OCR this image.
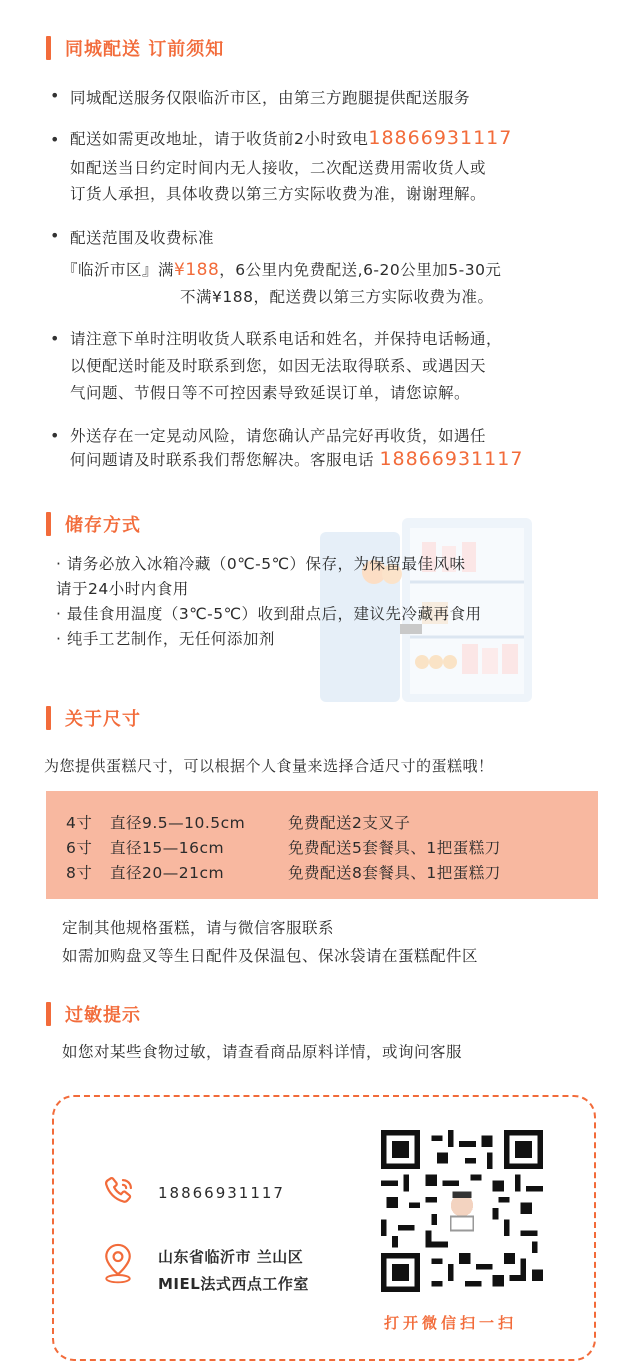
同城配送 订前须知
• 同城配送服务仅限临沂市区，由第三方跑腿提供配送服务
• 配送如需更改地址，请于收货前2小时致电18866931117
如配送当日约定时间内无人接收，二次配送费用需收货人或
订货人承担，具体收费以第三方实际收费为准，谢谢理解。
• 配送范围及收费标准
『临沂市区』满¥188，6公里内免费配送,6-20公里加5-30元
不满¥188，配送费以第三方实际收费为准。
• 请注意下单时注明收货人联系电话和姓名，并保持电话畅通，
以便配送时能及时联系到您，如因无法取得联系、或遇因天
气问题、节假日等不可控因素导致延误订单，请您谅解。
• 外送存在一定晃动风险，请您确认产品完好再收货，如遇任
何问题请及时联系我们帮您解决。客服电话 18866931117
储存方式
· 请务必放入冰箱冷藏（0℃-5℃）保存，为保留最佳风味
请于24小时内食用
· 最佳食用温度（3℃-5℃）收到甜点后，建议先冷藏再食用
· 纯手工艺制作，无任何添加剂
关于尺寸
为您提供蛋糕尺寸，可以根据个人食量来选择合适尺寸的蛋糕哦！
4寸 直径9.5—10.5cm	免费配送2支叉子
6寸 直径15—16cm	免费配送5套餐具、1把蛋糕刀
8寸 直径20—21cm	免费配送8套餐具、1把蛋糕刀
定制其他规格蛋糕，请与微信客服联系
如需加购盘叉等生日配件及保温包、保冰袋请在蛋糕配件区
过敏提示
如您对某些食物过敏，请查看商品原料详情，或询问客服
18866931117
山东省临沂市 兰山区
MIEL法式西点工作室
打开微信扫一扫
